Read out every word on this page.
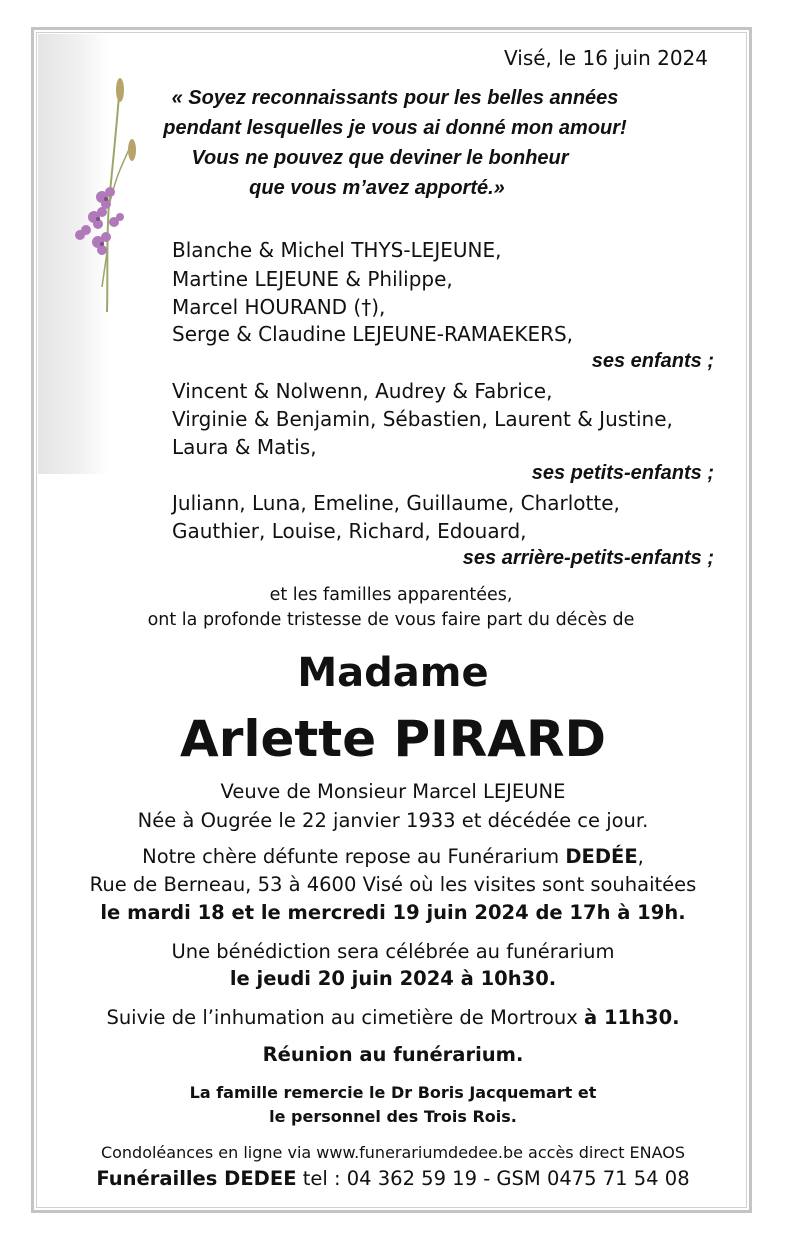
Visé, le 16 juin 2024

« Soyez reconnaissants pour les belles années

pendant lesquelles je vous ai donné mon amour!

Vous ne pouvez que deviner le bonheur

que vous m’avez apporté.»

Blanche & Michel THYS-LEJEUNE,

Martine LEJEUNE & Philippe,

Marcel HOURAND (†),

Serge & Claudine LEJEUNE-RAMAEKERS,

ses enfants ;

Vincent & Nolwenn, Audrey & Fabrice,

Virginie & Benjamin, Sébastien, Laurent & Justine,

Laura & Matis,

ses petits-enfants ;

Juliann, Luna, Emeline, Guillaume, Charlotte,

Gauthier, Louise, Richard, Edouard,

ses arrière-petits-enfants ;

et les familles apparentées,

ont la profonde tristesse de vous faire part du décès de

Madame

Arlette PIRARD

Veuve de Monsieur Marcel LEJEUNE

Née à Ougrée le 22 janvier 1933 et décédée ce jour.

Notre chère défunte repose au Funérarium DEDÉE,

Rue de Berneau, 53 à 4600 Visé où les visites sont souhaitées

le mardi 18 et le mercredi 19 juin 2024 de 17h à 19h.

Une bénédiction sera célébrée au funérarium

le jeudi 20 juin 2024 à 10h30.

Suivie de l’inhumation au cimetière de Mortroux à 11h30.

Réunion au funérarium.

La famille remercie le Dr Boris Jacquemart et

le personnel des Trois Rois.

Condoléances en ligne via www.funerariumdedee.be accès direct ENAOS

Funérailles DEDEE tel : 04 362 59 19 - GSM 0475 71 54 08
